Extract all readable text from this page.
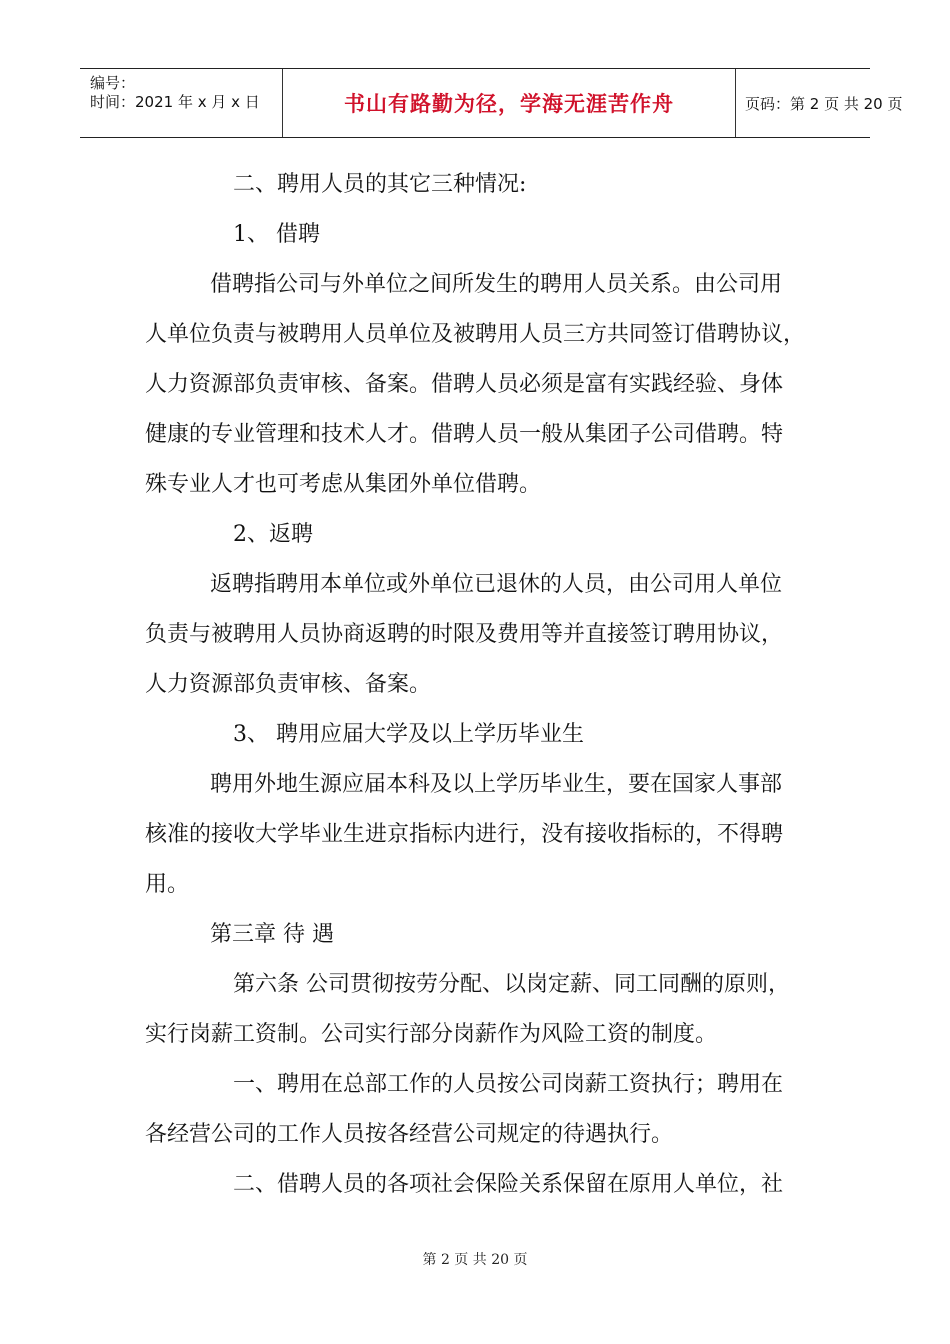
编号：
时间：2021 年 x 月 x 日	书山有路勤为径，学海无涯苦作舟	页码：第 2 页 共 20 页
二、聘用人员的其它三种情况:
1、 借聘
借聘指公司与外单位之间所发生的聘用人员关系。由公司用
人单位负责与被聘用人员单位及被聘用人员三方共同签订借聘协议，
人力资源部负责审核、备案。借聘人员必须是富有实践经验、身体
健康的专业管理和技术人才。借聘人员一般从集团子公司借聘。特
殊专业人才也可考虑从集团外单位借聘。
2、返聘
返聘指聘用本单位或外单位已退休的人员，由公司用人单位
负责与被聘用人员协商返聘的时限及费用等并直接签订聘用协议，
人力资源部负责审核、备案。
3、 聘用应届大学及以上学历毕业生
聘用外地生源应届本科及以上学历毕业生，要在国家人事部
核准的接收大学毕业生进京指标内进行，没有接收指标的，不得聘
用。
第三章 待 遇
第六条 公司贯彻按劳分配、以岗定薪、同工同酬的原则，
实行岗薪工资制。公司实行部分岗薪作为风险工资的制度。
一、聘用在总部工作的人员按公司岗薪工资执行；聘用在
各经营公司的工作人员按各经营公司规定的待遇执行。
二、借聘人员的各项社会保险关系保留在原用人单位，社
第 2 页 共 20 页
